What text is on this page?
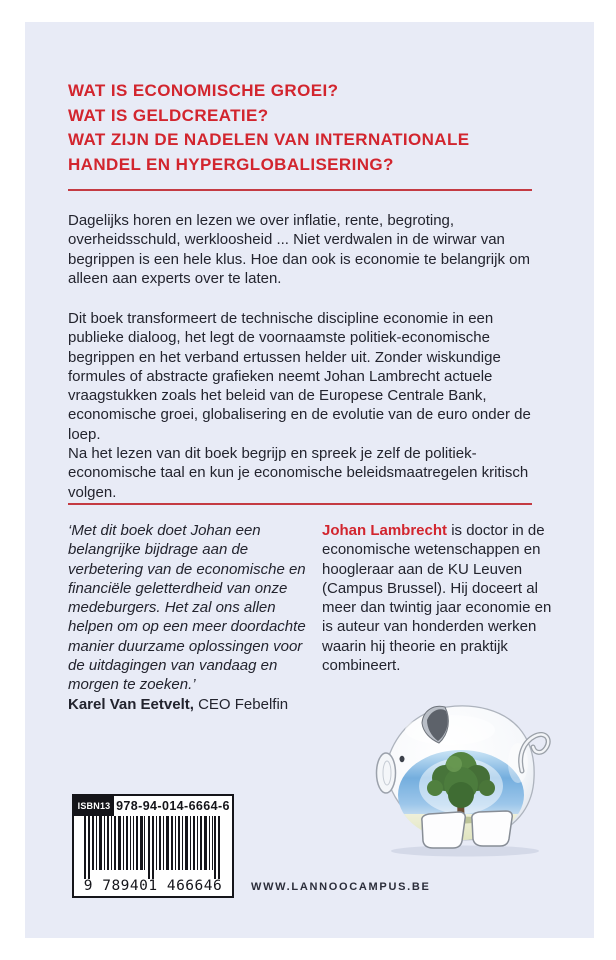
WAT IS ECONOMISCHE GROEI?
WAT IS GELDCREATIE?
WAT ZIJN DE NADELEN VAN INTERNATIONALE
HANDEL EN HYPERGLOBALISERING?

Dagelijks horen en lezen we over inflatie, rente, begroting, overheidsschuld, werkloosheid ... Niet verdwalen in de wirwar van begrippen is een hele klus. Hoe dan ook is economie te belangrijk om alleen aan experts over te laten.

Dit boek transformeert de technische discipline economie in een publieke dialoog, het legt de voornaamste politiek-economische begrippen en het verband ertussen helder uit. Zonder wiskundige formules of abstracte grafieken neemt Johan Lambrecht actuele vraagstukken zoals het beleid van de Europese Centrale Bank, economische groei, globalisering en de evolutie van de euro onder de loep.

Na het lezen van dit boek begrijp en spreek je zelf de politiek-economische taal en kun je economische beleidsmaatregelen kritisch volgen.

‘Met dit boek doet Johan een belangrijke bijdrage aan de verbetering van de economische en financiële geletterdheid van onze medeburgers. Het zal ons allen helpen om op een meer doordachte manier duurzame oplossingen voor de uitdagingen van vandaag en morgen te zoeken.’

Karel Van Eetvelt, CEO Febelfin

Johan Lambrecht is doctor in de economische wetenschappen en hoogleraar aan de KU Leuven (Campus Brussel). Hij doceert al meer dan twintig jaar economie en is auteur van honderden werken waarin hij theorie en praktijk combineert.

ISBN13 978-94-014-6664-6
9 789401 466646	WWW.LANNOOCAMPUS.BE
